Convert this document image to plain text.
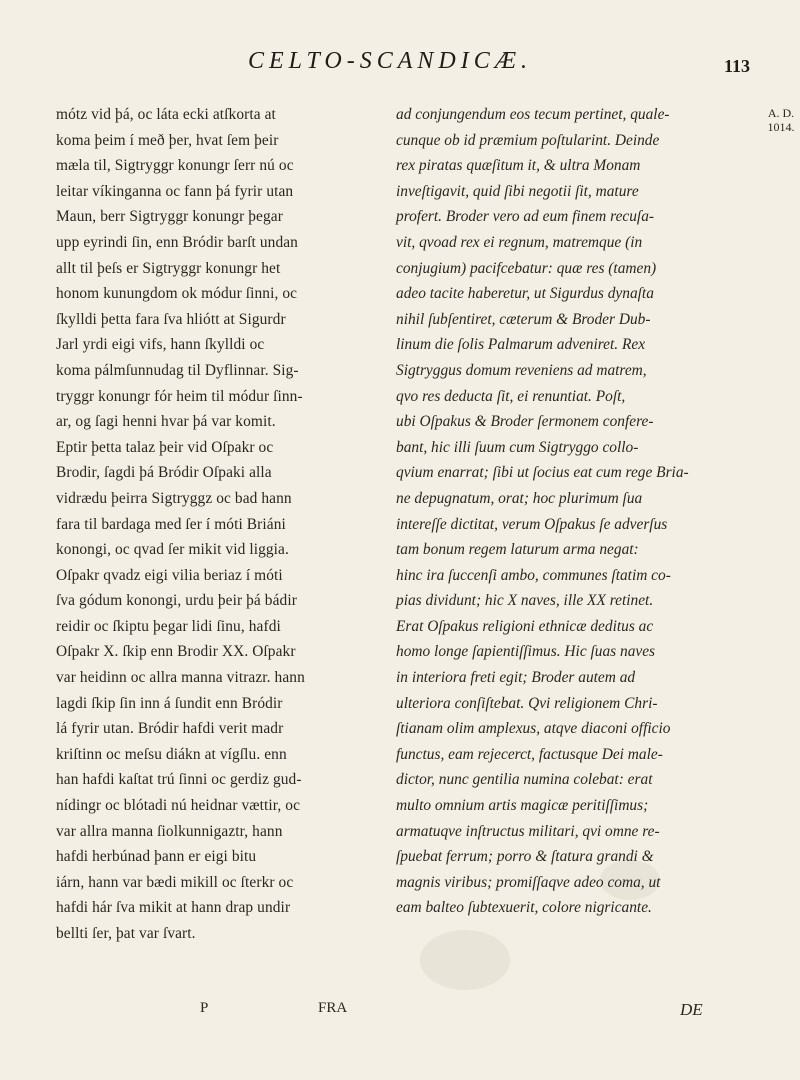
CELTO-SCANDICÆ.	113
A. D.
1014.
mótz vid þá, oc láta ecki atſkorta at
koma þeim í með þer, hvat ſem þeir
mæla til, Sigtryggr konungr ſerr nú oc
leitar víkinganna oc fann þá fyrir utan
Maun, berr Sigtryggr konungr þegar
upp eyrindi ſin, enn Bródir barſt undan
allt til þeſs er Sigtryggr konungr het
honom kunungdom ok módur ſinni, oc
ſkylldi þetta fara ſva hliótt at Sigurdr
Jarl yrdi eigi vifs, hann ſkylldi oc
koma pálmſunnudag til Dyflinnar. Sig-
tryggr konungr fór heim til módur ſinn-
ar, og ſagi henni hvar þá var komit.
Eptir þetta talaz þeir vid Oſpakr oc
Brodir, ſagdi þá Bródir Oſpaki alla
vidrædu þeirra Sigtryggz oc bad hann
fara til bardaga med ſer í móti Briáni
konongi, oc qvad ſer mikit vid liggia.
Oſpakr qvadz eigi vilia beriaz í móti
ſva gódum konongi, urdu þeir þá bádir
reidir oc ſkiptu þegar lidi ſinu, hafdi
Oſpakr X. ſkip enn Brodir XX. Oſpakr
var heidinn oc allra manna vitrazr. hann
lagdi ſkip ſin inn á ſundit enn Bródir
lá fyrir utan. Bródir hafdi verit madr
kriſtinn oc meſsu diákn at vígſlu. enn
han hafdi kaſtat trú ſinni oc gerdiz gud-
nídingr oc blótadi nú heidnar vættir, oc
var allra manna ſiolkunnigaztr, hann
hafdi herbúnad þann er eigi bitu
iárn, hann var bædi mikill oc ſterkr oc
hafdi hár ſva mikit at hann drap undir
bellti ſer, þat var ſvart.
ad conjungendum eos tecum pertinet, quale-
cunque ob id præmium poſtularint. Deinde
rex piratas quæſitum it, & ultra Monam
inveſtigavit, quid ſibi negotii ſit, mature
profert. Broder vero ad eum finem recuſa-
vit, qvoad rex ei regnum, matremque (in
conjugium) pacifcebatur: quæ res (tamen)
adeo tacite haberetur, ut Sigurdus dynaſta
nihil ſubſentiret, cæterum & Broder Dub-
linum die ſolis Palmarum adveniret. Rex
Sigtryggus domum reveniens ad matrem,
qvo res deducta ſit, ei renuntiat. Poſt,
ubi Oſpakus & Broder ſermonem confere-
bant, hic illi ſuum cum Sigtryggo collo-
qvium enarrat; ſibi ut ſocius eat cum rege Bria-
ne depugnatum, orat; hoc plurimum ſua
intereſſe dictitat, verum Oſpakus ſe adverſus
tam bonum regem laturum arma negat:
hinc ira ſuccenſi ambo, communes ſtatim co-
pias dividunt; hic X naves, ille XX retinet.
Erat Oſpakus religioni ethnicæ deditus ac
homo longe ſapientiſſimus. Hic ſuas naves
in interiora freti egit; Broder autem ad
ulteriora conſiſtebat. Qvi religionem Chri-
ſtianam olim amplexus, atqve diaconi officio
functus, eam rejecerct, factusque Dei male-
dictor, nunc gentilia numina colebat: erat
multo omnium artis magicæ peritiſſimus;
armatuqve inſtructus militari, qvi omne re-
ſpuebat ferrum; porro & ſtatura grandi &
magnis viribus; promiſſaqve adeo coma, ut
eam balteo ſubtexuerit, colore nigricante.
P	FRA	DE
